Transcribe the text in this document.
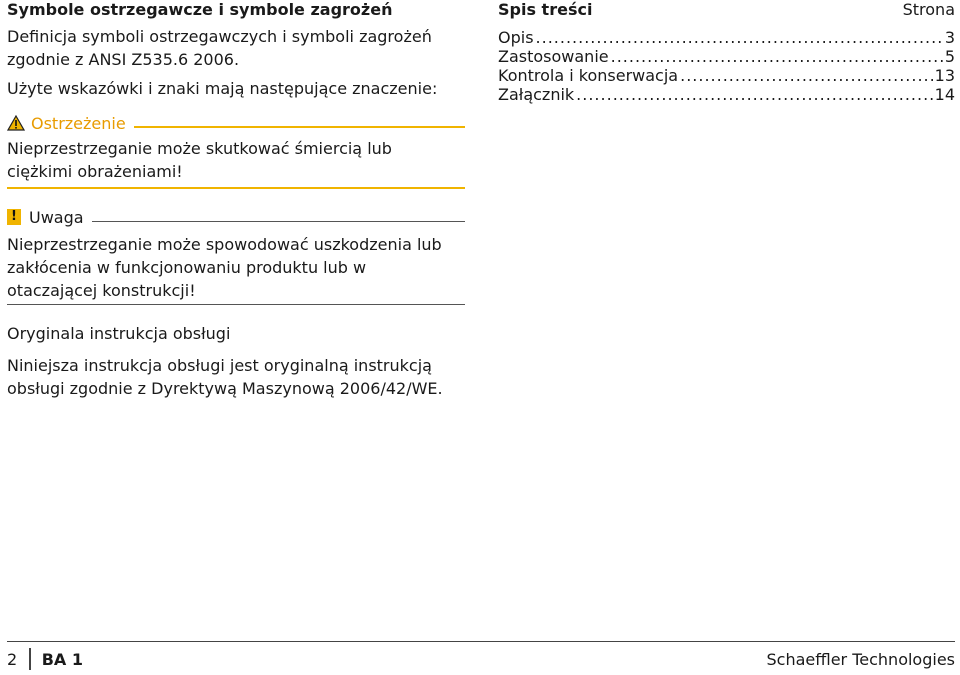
Symbole ostrzegawcze i symbole zagrożeń

Definicja symboli ostrzegawczych i symboli zagrożeń

zgodnie z ANSI Z535.6 2006.

Użyte wskazówki i znaki mają następujące znaczenie:

Ostrzeżenie

Nieprzestrzeganie może skutkować śmiercią lub

ciężkimi obrażeniami!

! Uwaga

Nieprzestrzeganie może spowodować uszkodzenia lub

zakłócenia w funkcjonowaniu produktu lub w

otaczającej konstrukcji!

Oryginala instrukcja obsługi

Niniejsza instrukcja obsługi jest oryginalną instrukcją

obsługi zgodnie z Dyrektywą Maszynową 2006/42/WE.

Spis treści	Strona
Opis .....	3
Zastosowanie .....	5
Kontrola i konserwacja .....	13
Załącznik .....	14
2 BA 1	Schaeffler Technologies
